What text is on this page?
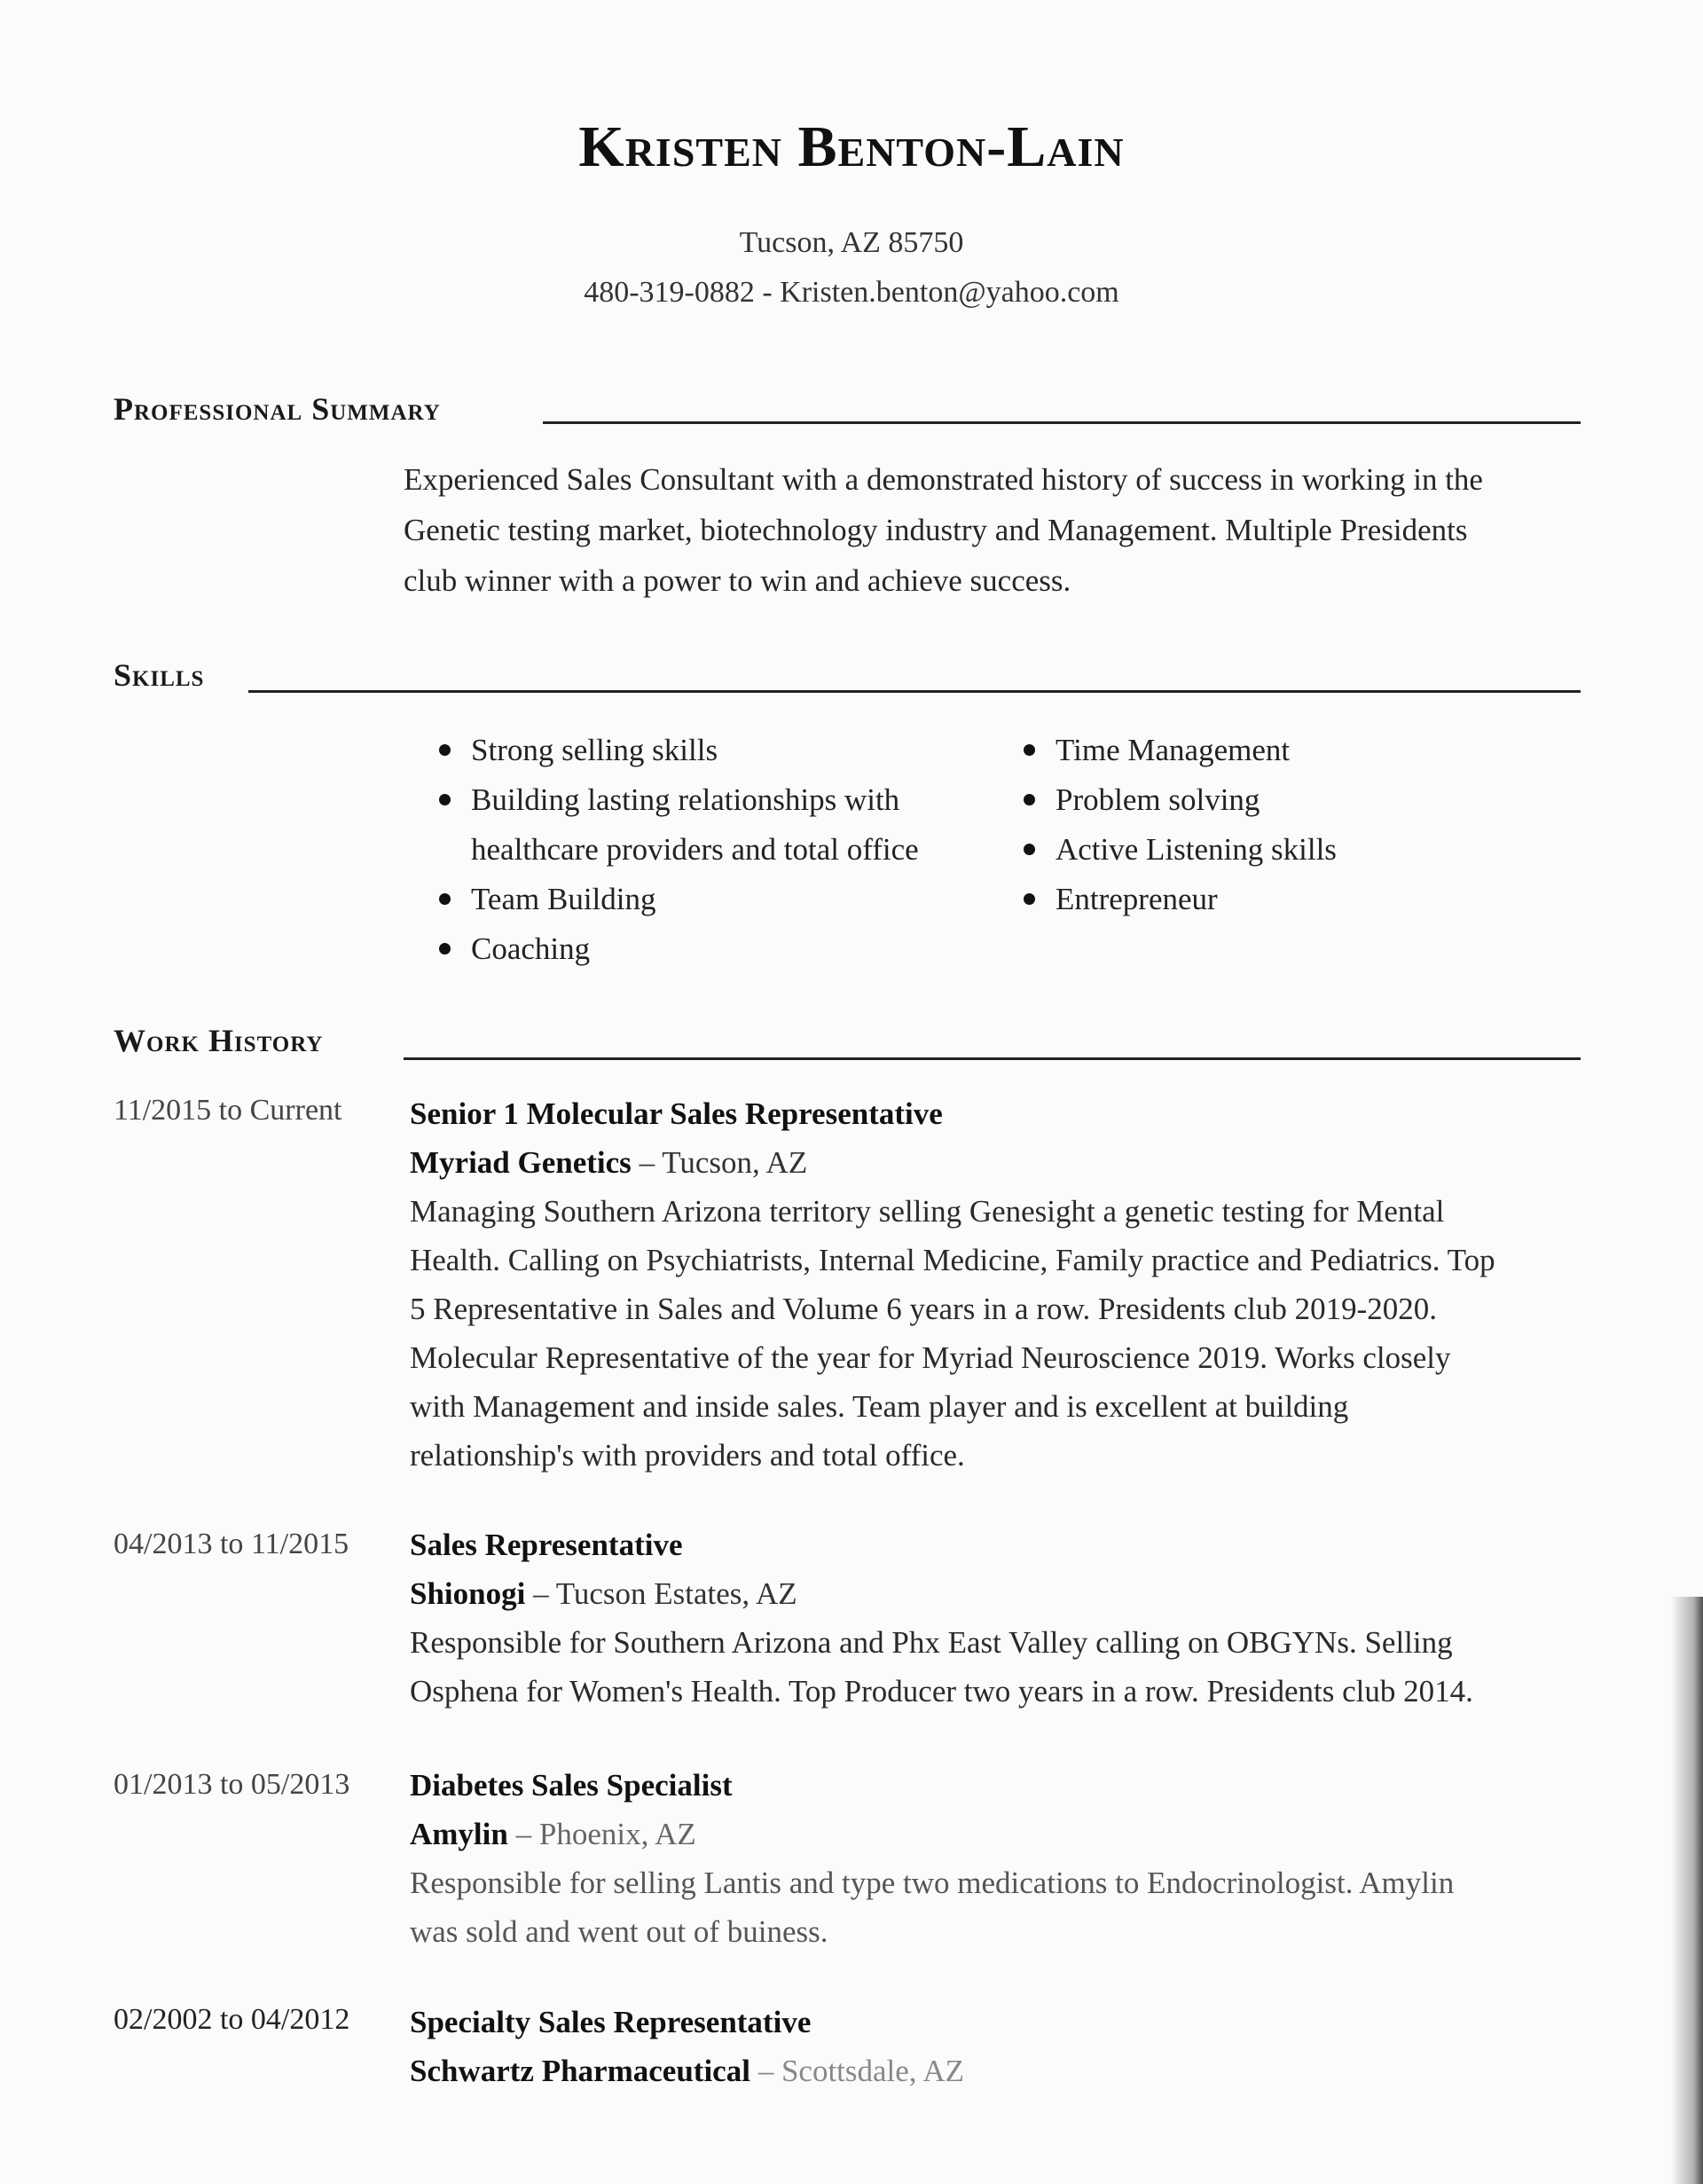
Kristen Benton-Lain
Tucson, AZ 85750
480-319-0882 - Kristen.benton@yahoo.com
Professional Summary
Experienced Sales Consultant with a demonstrated history of success in working in the
Genetic testing market, biotechnology industry and Management. Multiple Presidents
club winner with a power to win and achieve success.
Skills
Strong selling skills
Building lasting relationships with healthcare providers and total office
Team Building
Coaching
Time Management
Problem solving
Active Listening skills
Entrepreneur
Work History
11/2015 to Current	Senior 1 Molecular Sales Representative
Myriad Genetics – Tucson, AZ
Managing Southern Arizona territory selling Genesight a genetic testing for Mental
Health. Calling on Psychiatrists, Internal Medicine, Family practice and Pediatrics. Top
5 Representative in Sales and Volume 6 years in a row. Presidents club 2019-2020.
Molecular Representative of the year for Myriad Neuroscience 2019. Works closely
with Management and inside sales. Team player and is excellent at building
relationship's with providers and total office.
04/2013 to 11/2015	Sales Representative
Shionogi – Tucson Estates, AZ
Responsible for Southern Arizona and Phx East Valley calling on OBGYNs. Selling
Osphena for Women's Health. Top Producer two years in a row. Presidents club 2014.
01/2013 to 05/2013	Diabetes Sales Specialist
Amylin – Phoenix, AZ
Responsible for selling Lantis and type two medications to Endocrinologist. Amylin
was sold and went out of buiness.
02/2002 to 04/2012	Specialty Sales Representative
Schwartz Pharmaceutical – Scottsdale, AZ
